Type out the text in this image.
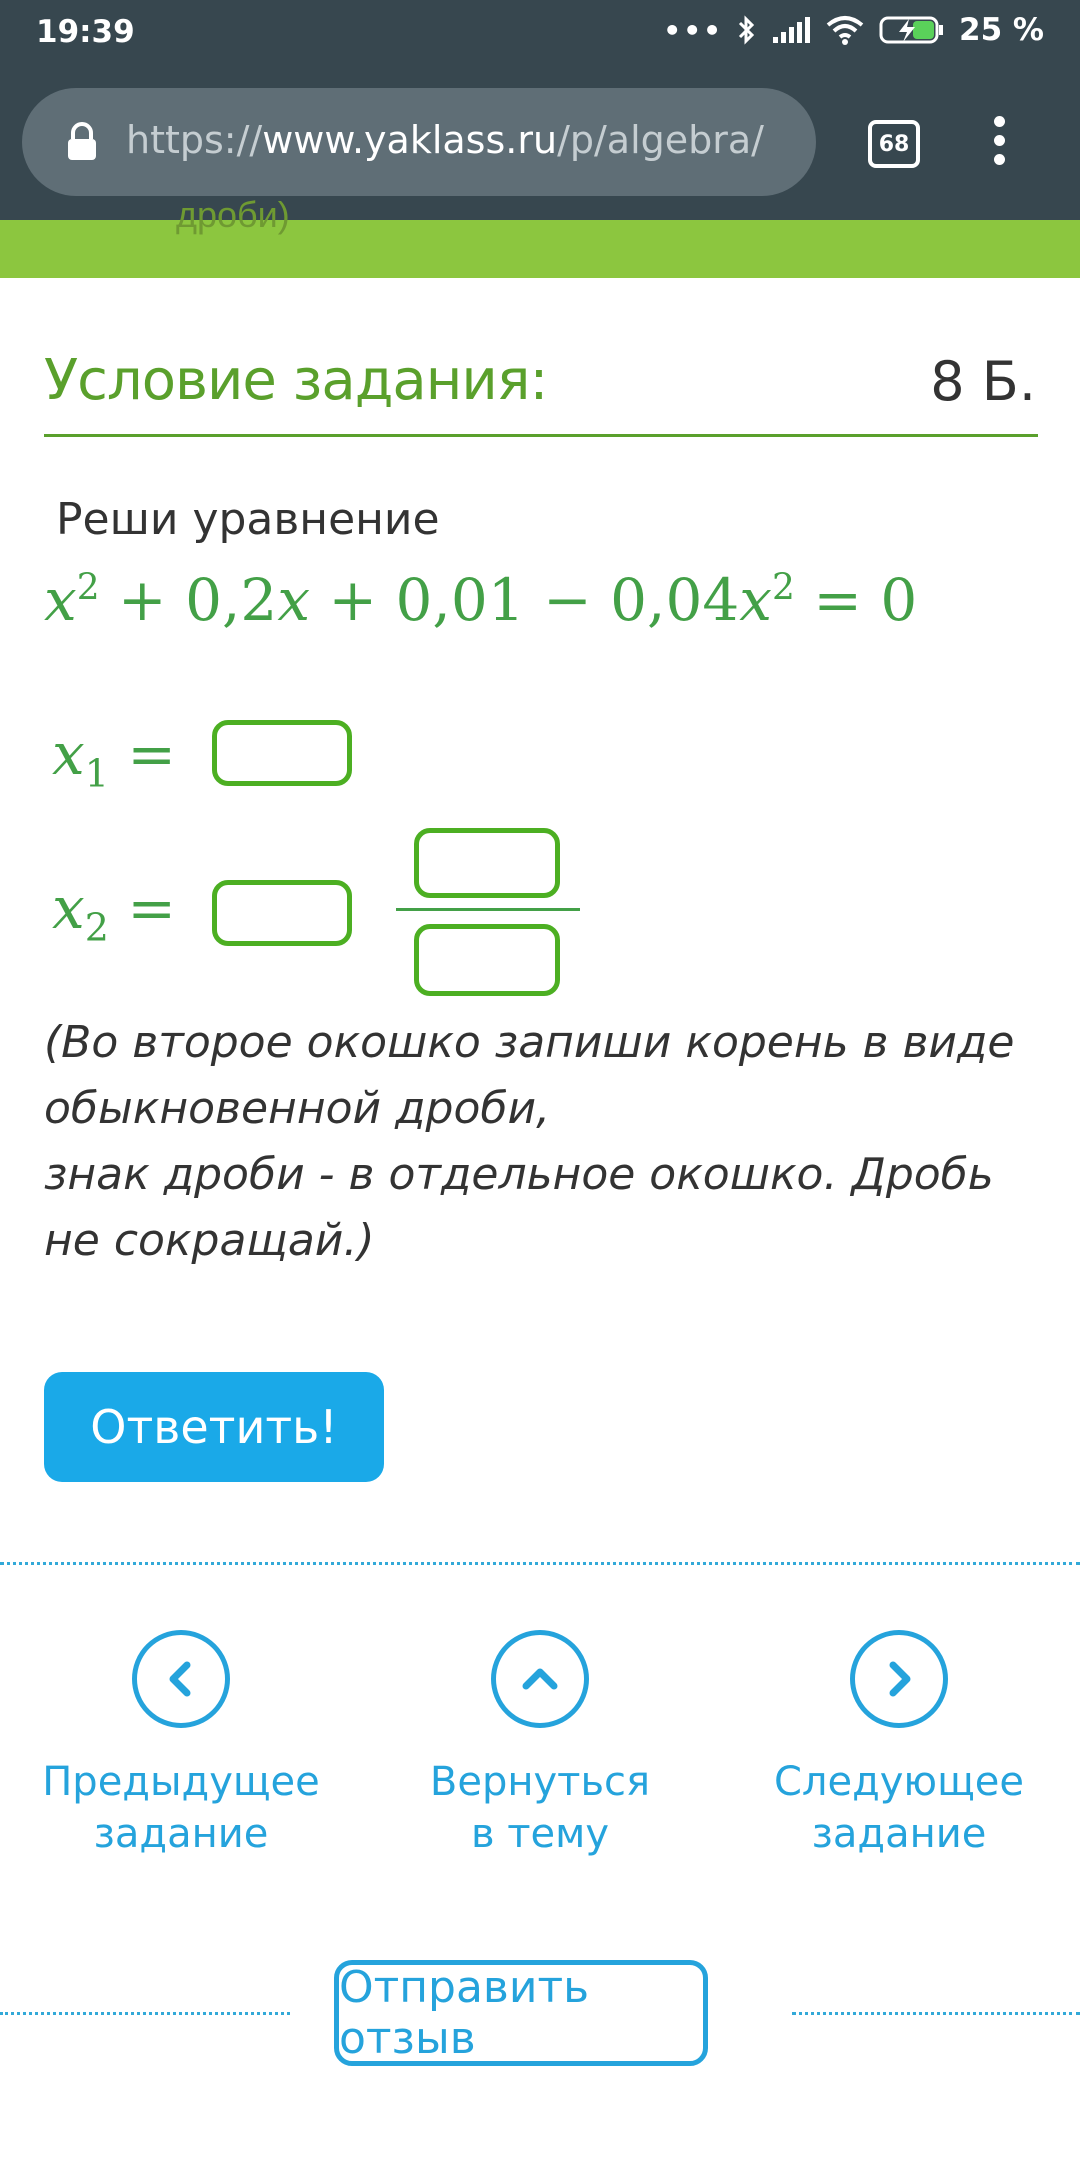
19:39	•••	25 %
https://www.yaklass.ru/p/algebra/	68
дроби)
Условие задания:	8 Б.
Реши уравнение
$x^2 + 0,2x + 0,01 - 0,04x^2 = 0$
$x_1$ =
$x_2$ =
(Во второе окошко запиши корень в виде обыкновенной дроби,
знак дроби - в отдельное окошко. Дробь не сокращай.)
Ответить!
Предыдущее
задание
Вернуться
в тему
Следующее
задание
Отправить отзыв
